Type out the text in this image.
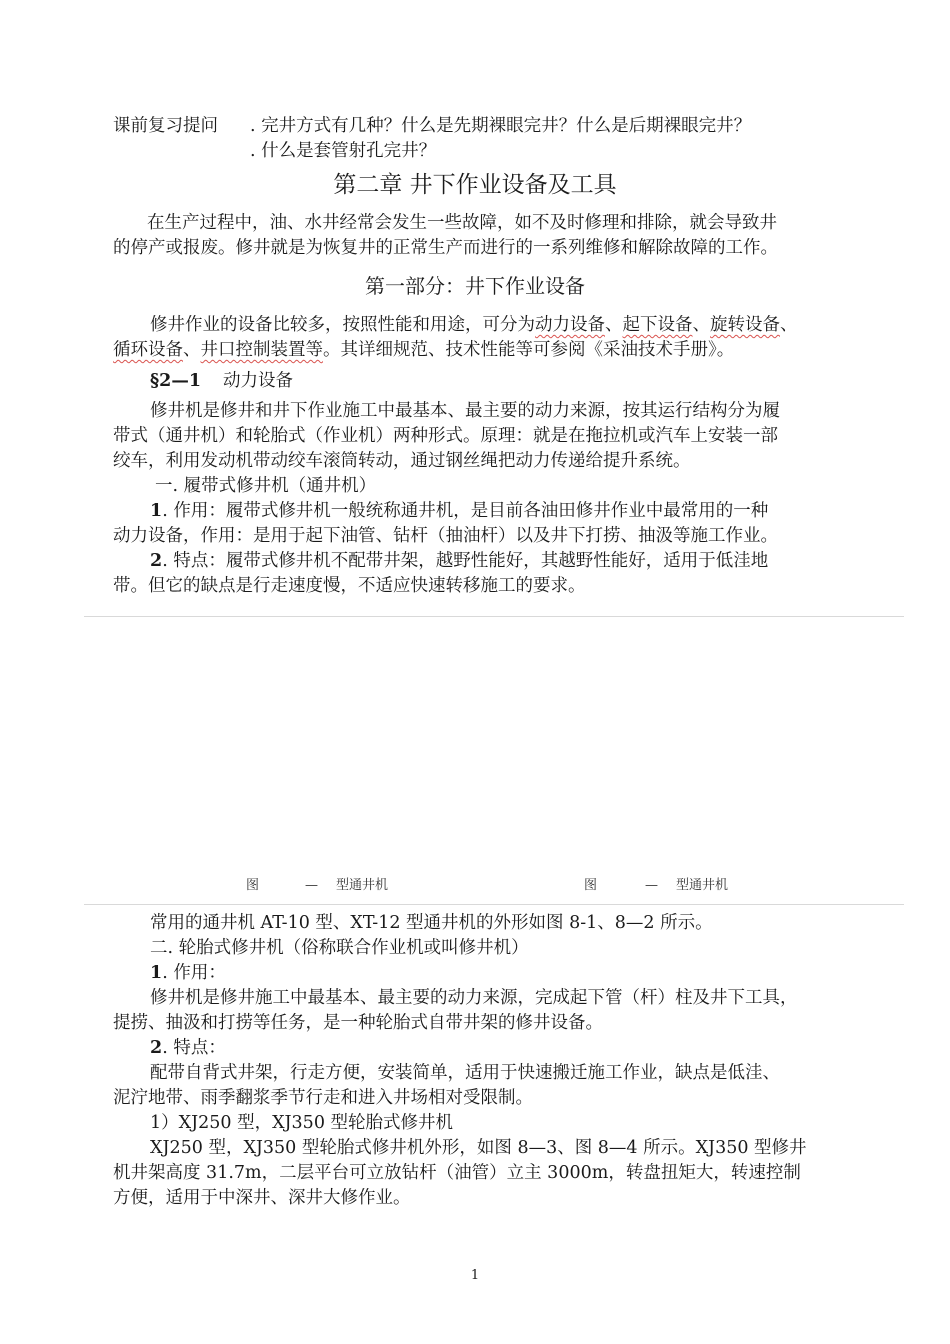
课前复习提问 . 完井方式有几种？什么是先期裸眼完井？什么是后期裸眼完井？
. 什么是套管射孔完井？
第二章 井下作业设备及工具
在生产过程中，油、水井经常会发生一些故障，如不及时修理和排除，就会导致井
的停产或报废。修井就是为恢复井的正常生产而进行的一系列维修和解除故障的工作。
第一部分：井下作业设备
修井作业的设备比较多，按照性能和用途，可分为动力设备、起下设备、旋转设备、
循环设备、井口控制装置等。其详细规范、技术性能等可参阅《采油技术手册》。
§2—1 动力设备
修井机是修井和井下作业施工中最基本、最主要的动力来源，按其运行结构分为履
带式（通井机）和轮胎式（作业机）两种形式。原理：就是在拖拉机或汽车上安装一部
绞车，利用发动机带动绞车滚筒转动，通过钢丝绳把动力传递给提升系统。
一. 履带式修井机（通井机）
1. 作用：履带式修井机一般统称通井机，是目前各油田修井作业中最常用的一种
动力设备，作用：是用于起下油管、钻杆（抽油杆）以及井下打捞、抽汲等施工作业。
2. 特点：履带式修井机不配带井架，越野性能好，其越野性能好，适用于低洼地
带。但它的缺点是行走速度慢，不适应快速转移施工的要求。
图	— 型通井机	图	— 型通井机
常用的通井机 AT-10 型、XT-12 型通井机的外形如图 8-1、8—2 所示。
二. 轮胎式修井机（俗称联合作业机或叫修井机）
1. 作用：
修井机是修井施工中最基本、最主要的动力来源，完成起下管（杆）柱及井下工具，
提捞、抽汲和打捞等任务，是一种轮胎式自带井架的修井设备。
2. 特点：
配带自背式井架，行走方便，安装简单，适用于快速搬迁施工作业，缺点是低洼、
泥泞地带、雨季翻浆季节行走和进入井场相对受限制。
1）XJ250 型，XJ350 型轮胎式修井机
XJ250 型，XJ350 型轮胎式修井机外形，如图 8—3、图 8—4 所示。XJ350 型修井
机井架高度 31.7m，二层平台可立放钻杆（油管）立主 3000m，转盘扭矩大，转速控制
方便，适用于中深井、深井大修作业。
1
